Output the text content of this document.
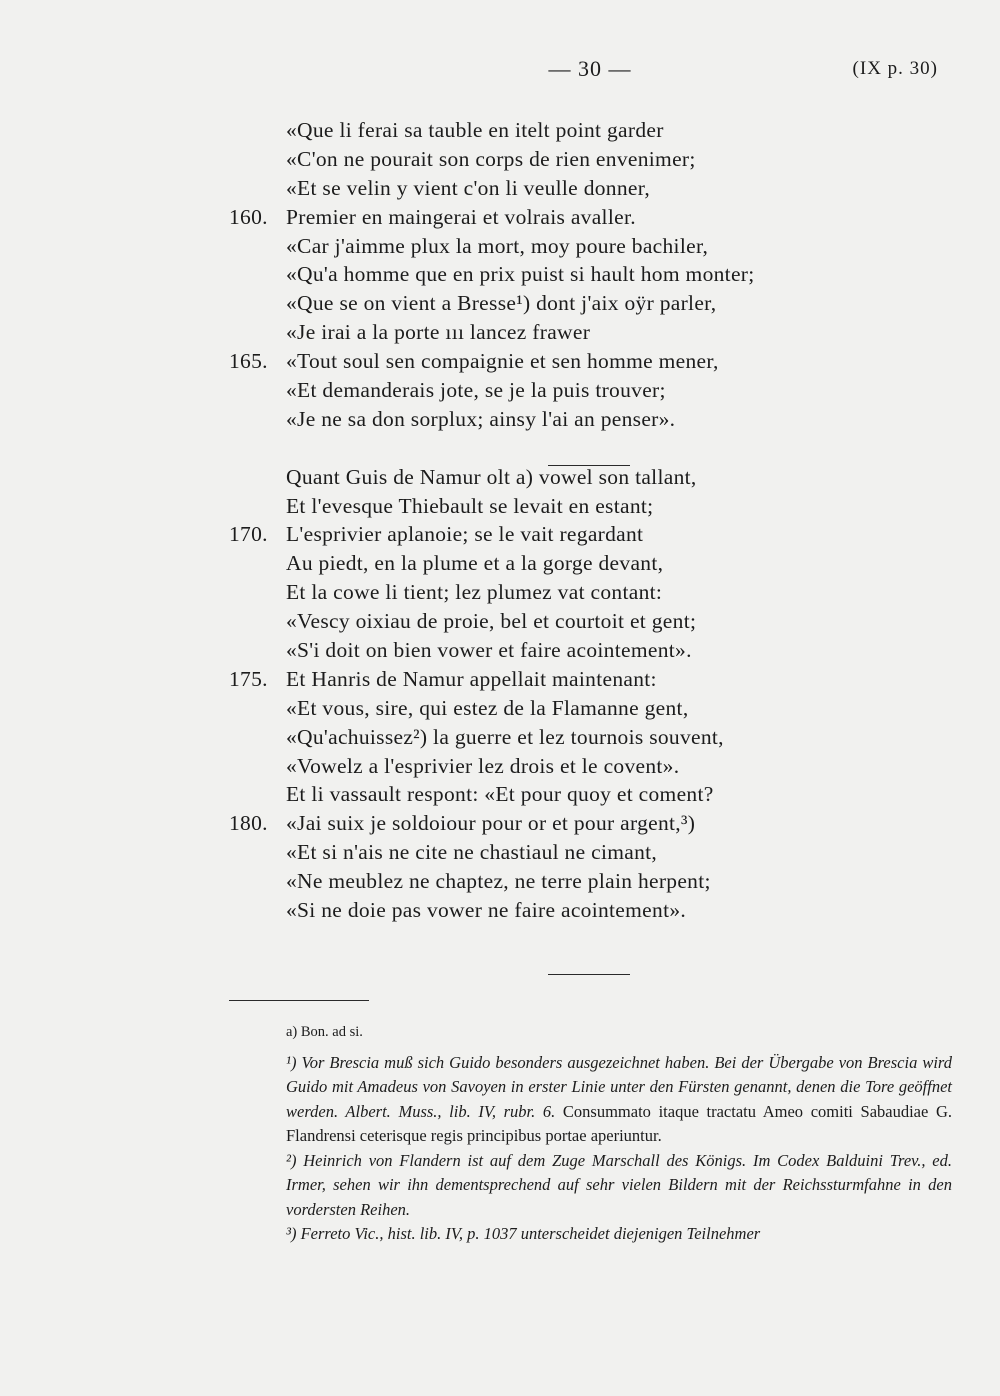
— 30 —	(IX p. 30)
«Que li ferai sa tauble en itelt point garder
«C'on ne pourait son corps de rien envenimer;
«Et se velin y vient c'on li veulle donner,
160. Premier en maingerai et volrais avaller.
«Car j'aimme plux la mort, moy poure bachiler,
«Qu'a homme que en prix puist si hault hom monter;
«Que se on vient a Bresse¹) dont j'aix oÿr parler,
«Je irai a la porte ııı lancez frawer
165. «Tout soul sen compaignie et sen homme mener,
«Et demanderais jote, se je la puis trouver;
«Je ne sa don sorplux; ainsy l'ai an penser».
Quant Guis de Namur olt a) vowel son tallant,
Et l'evesque Thiebault se levait en estant;
170. L'esprivier aplanoie; se le vait regardant
Au piedt, en la plume et a la gorge devant,
Et la cowe li tient; lez plumez vat contant:
«Vescy oixiau de proie, bel et courtoit et gent;
«S'i doit on bien vower et faire acointement».
175. Et Hanris de Namur appellait maintenant:
«Et vous, sire, qui estez de la Flamanne gent,
«Qu'achuissez²) la guerre et lez tournois souvent,
«Vowelz a l'esprivier lez drois et le covent».
Et li vassault respont: «Et pour quoy et coment?
180. «Jai suix je soldoiour pour or et pour argent,³)
«Et si n'ais ne cite ne chastiaul ne cimant,
«Ne meublez ne chaptez, ne terre plain herpent;
«Si ne doie pas vower ne faire acointement».
a) Bon. ad si.
¹) Vor Brescia muß sich Guido besonders ausgezeichnet haben. Bei der Übergabe von Brescia wird Guido mit Amadeus von Savoyen in erster Linie unter den Fürsten genannt, denen die Tore geöffnet werden. Albert. Muss., lib. IV, rubr. 6. Consummato itaque tractatu Ameo comiti Sabaudiae G. Flandrensi ceterisque regis principibus portae aperiuntur.
²) Heinrich von Flandern ist auf dem Zuge Marschall des Königs. Im Codex Balduini Trev., ed. Irmer, sehen wir ihn dementsprechend auf sehr vielen Bildern mit der Reichssturmfahne in den vordersten Reihen.
³) Ferreto Vic., hist. lib. IV, p. 1037 unterscheidet diejenigen Teilnehmer
